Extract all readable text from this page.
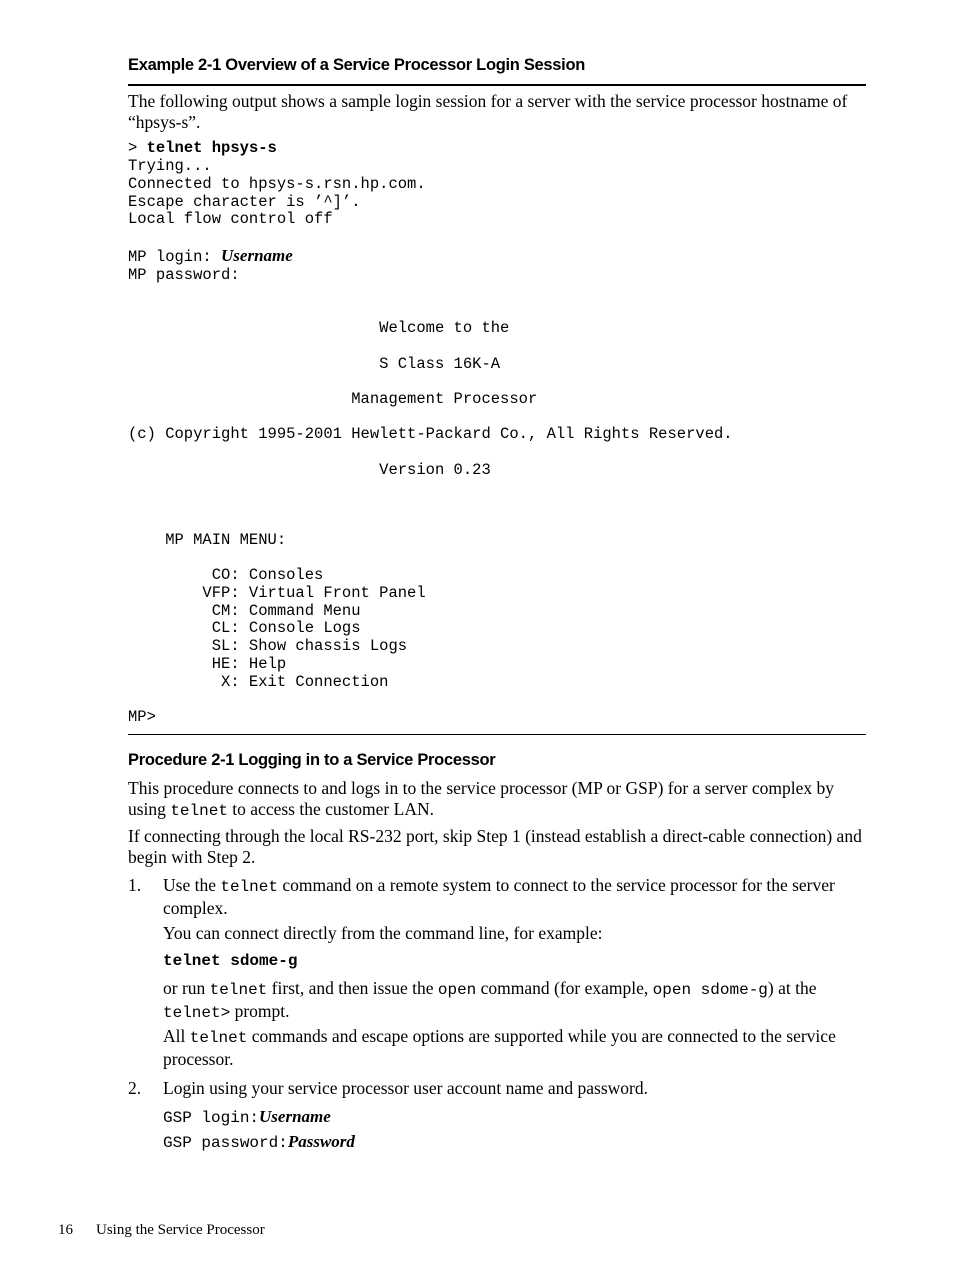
Example 2-1 Overview of a Service Processor Login Session
The following output shows a sample login session for a server with the service processor hostname of “hpsys-s”.
> telnet hpsys-s
Trying...
Connected to hpsys-s.rsn.hp.com.
Escape character is ’^]’.
Local flow control off
MP login: Username
MP password:
Welcome to the
S Class 16K-A
Management Processor
(c) Copyright 1995-2001 Hewlett-Packard Co., All Rights Reserved.
Version 0.23
MP MAIN MENU:
CO: Consoles
VFP: Virtual Front Panel
CM: Command Menu
CL: Console Logs
SL: Show chassis Logs
HE: Help
X: Exit Connection
MP>
Procedure 2-1 Logging in to a Service Processor
This procedure connects to and logs in to the service processor (MP or GSP) for a server complex by using telnet to access the customer LAN.
If connecting through the local RS-232 port, skip Step 1 (instead establish a direct-cable connection) and begin with Step 2.
1. Use the telnet command on a remote system to connect to the service processor for the server complex.
You can connect directly from the command line, for example:
telnet sdome-g
or run telnet first, and then issue the open command (for example, open sdome-g) at the telnet> prompt.
All telnet commands and escape options are supported while you are connected to the service processor.
2. Login using your service processor user account name and password.
GSP login:Username
GSP password:Password
16 Using the Service Processor
